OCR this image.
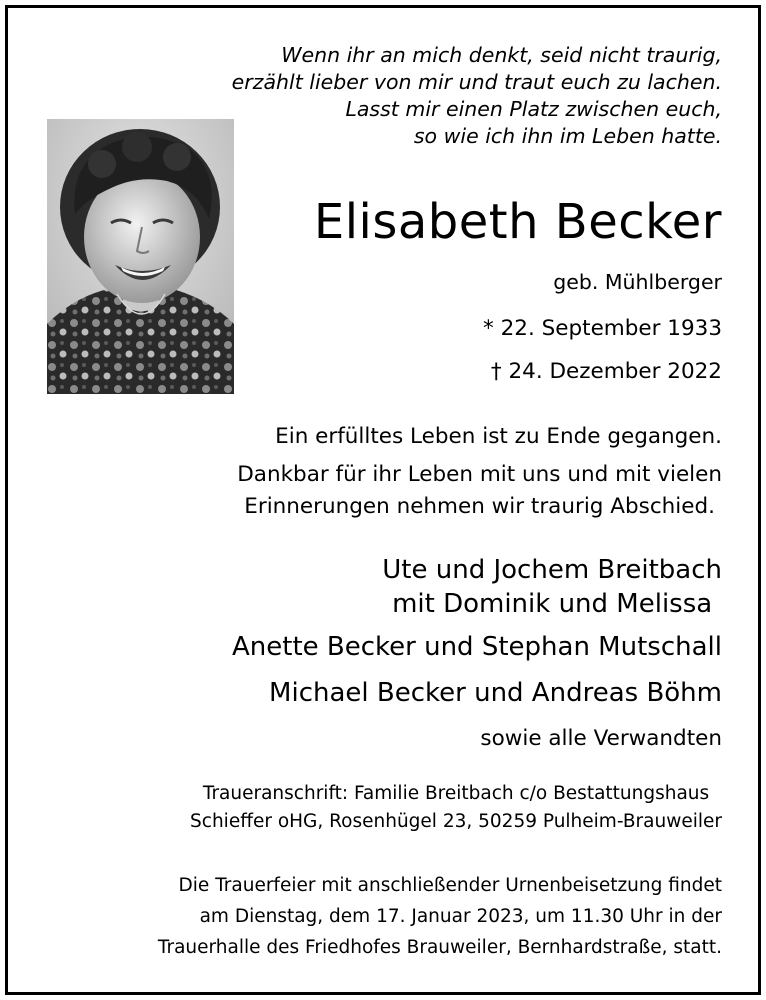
Wenn ihr an mich denkt, seid nicht traurig,
erzählt lieber von mir und traut euch zu lachen.
Lasst mir einen Platz zwischen euch,
so wie ich ihn im Leben hatte.
Elisabeth Becker
geb. Mühlberger
* 22. September 1933
† 24. Dezember 2022
Ein erfülltes Leben ist zu Ende gegangen.
Dankbar für ihr Leben mit uns und mit vielen
Erinnerungen nehmen wir traurig Abschied.
Ute und Jochem Breitbach
mit Dominik und Melissa
Anette Becker und Stephan Mutschall
Michael Becker und Andreas Böhm
sowie alle Verwandten
Traueranschrift: Familie Breitbach c/o Bestattungshaus
Schieffer oHG, Rosenhügel 23, 50259 Pulheim-Brauweiler
Die Trauerfeier mit anschließender Urnenbeisetzung findet
am Dienstag, dem 17. Januar 2023, um 11.30 Uhr in der
Trauerhalle des Friedhofes Brauweiler, Bernhardstraße, statt.
